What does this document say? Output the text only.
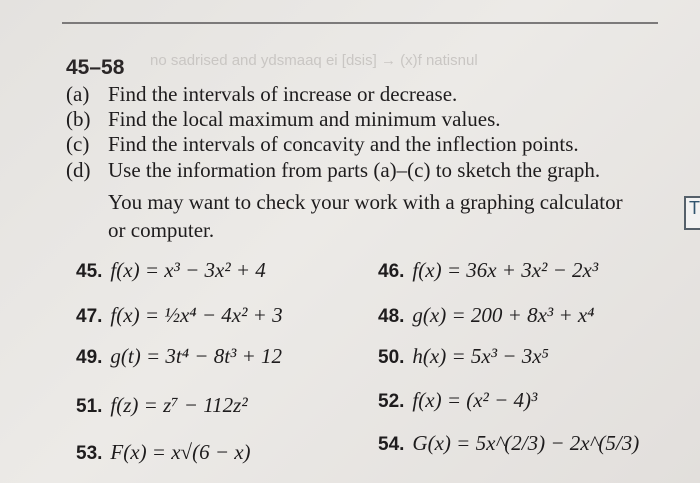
no sadrised and ydsmaaq ei [dsis] → (x)f natisnul
45–58
(a) Find the intervals of increase or decrease.
(b) Find the local maximum and minimum values.
(c) Find the intervals of concavity and the inflection points.
(d) Use the information from parts (a)–(c) to sketch the graph.
You may want to check your work with a graphing calculator
or computer.
45. f(x) = x³ − 3x² + 4	46. f(x) = 36x + 3x² − 2x³
47. f(x) = ½x⁴ − 4x² + 3	48. g(x) = 200 + 8x³ + x⁴
49. g(t) = 3t⁴ − 8t³ + 12	50. h(x) = 5x³ − 3x⁵
51. f(z) = z⁷ − 112z²	52. f(x) = (x² − 4)³
53. F(x) = x√(6 − x)	54. G(x) = 5x^(2/3) − 2x^(5/3)
T
